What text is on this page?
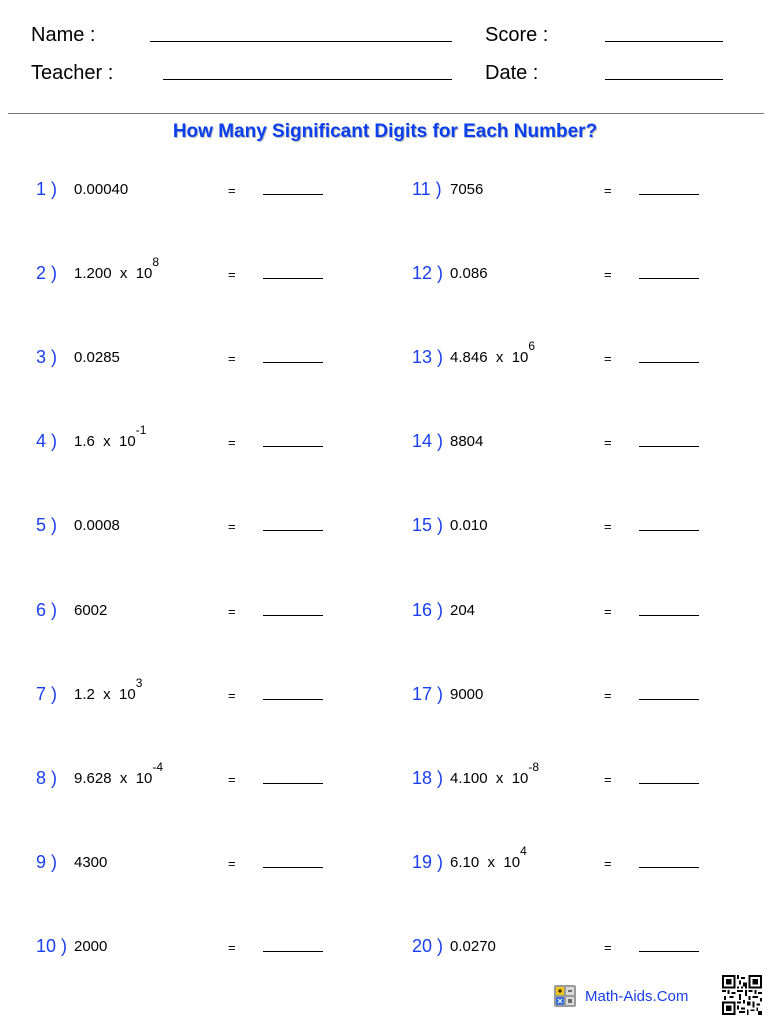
Name :	Score :
Teacher :	Date :
How Many Significant Digits for Each Number?
1 ) 0.00040	=
2 ) 1.200  x  $10^8$
=
3 ) 0.0285	=
4 ) 1.6  x  $10^{-1}$
=
5 ) 0.0008	=
6 ) 6002	=
7 ) 1.2  x  $10^3$
=
8 ) 9.628  x  $10^{-4}$
=
9 ) 4300	=
10 ) 2000	=
11 ) 7056	=
12 ) 0.086	=
13 ) 4.846  x  $10^6$
=
14 ) 8804	=
15 ) 0.010	=
16 ) 204	=
17 ) 9000	=
18 ) 4.100  x  $10^{-8}$
=
19 ) 6.10  x  $10^4$
=
20 ) 0.0270	=
Math-Aids.Com
